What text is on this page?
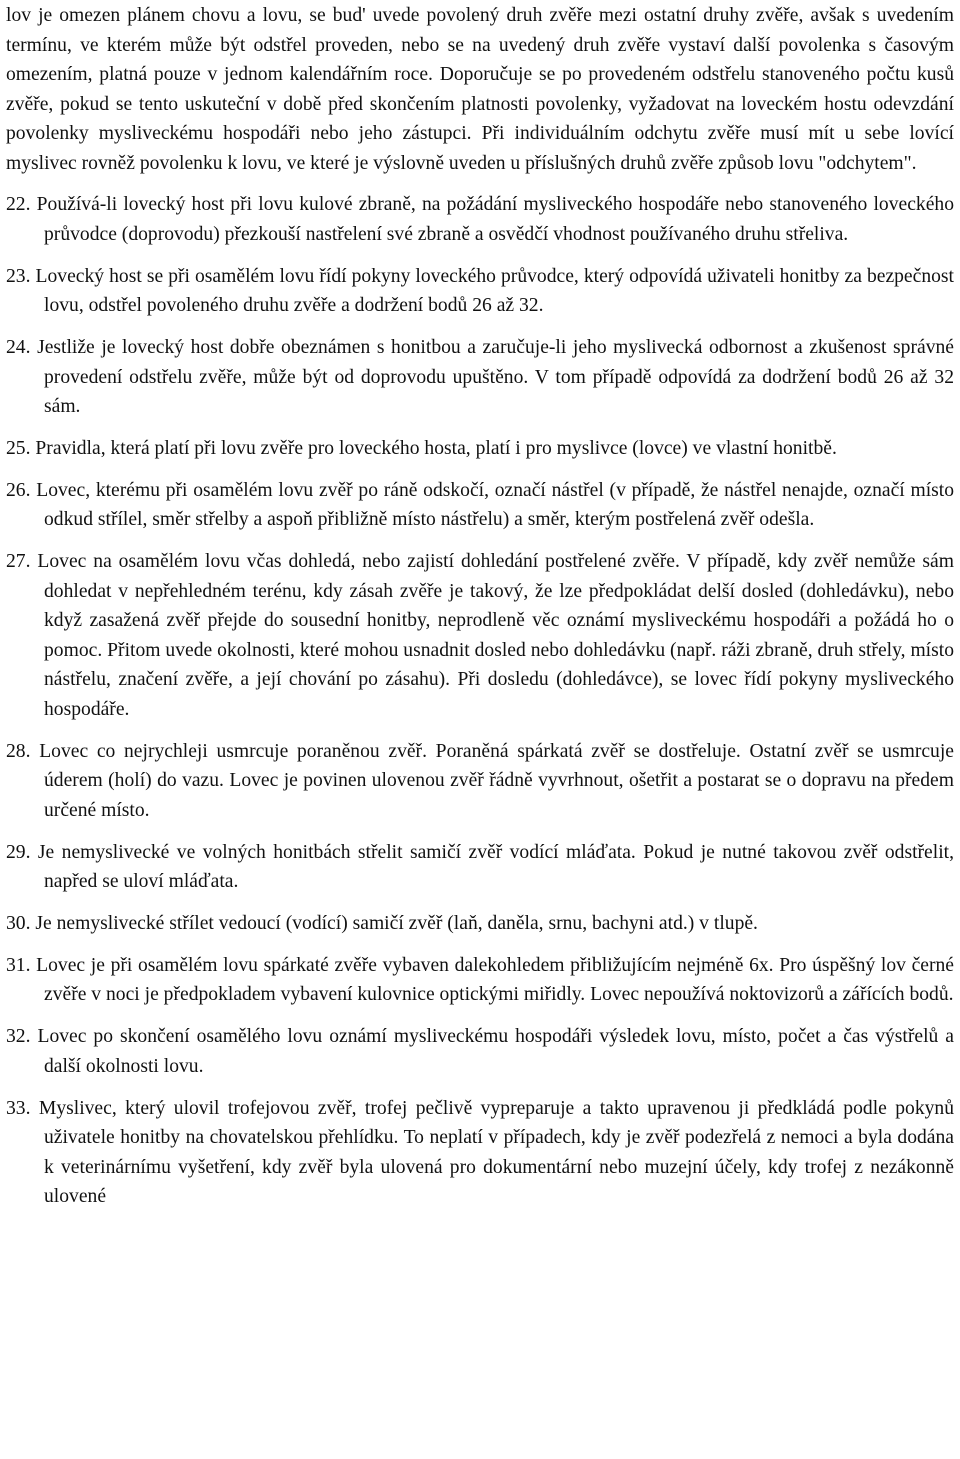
lov je omezen plánem chovu a lovu, se bud' uvede povolený druh zvěře mezi ostatní druhy zvěře, avšak s uvedením termínu, ve kterém může být odstřel proveden, nebo se na uvedený druh zvěře vystaví další povolenka s časovým omezením, platná pouze v jednom kalendářním roce. Doporučuje se po provedeném odstřelu stanoveného počtu kusů zvěře, pokud se tento uskuteční v době před skončením platnosti povolenky, vyžadovat na loveckém hostu odevzdání povolenky mysliveckému hospodáři nebo jeho zástupci. Při individuálním odchytu zvěře musí mít u sebe lovící myslivec rovněž povolenku k lovu, ve které je výslovně uveden u příslušných druhů zvěře způsob lovu "odchytem".

22. Používá-li lovecký host při lovu kulové zbraně, na požádání mysliveckého hospodáře nebo stanoveného loveckého průvodce (doprovodu) přezkouší nastřelení své zbraně a osvědčí vhodnost používaného druhu střeliva.

23. Lovecký host se při osamělém lovu řídí pokyny loveckého průvodce, který odpovídá uživateli honitby za bezpečnost lovu, odstřel povoleného druhu zvěře a dodržení bodů 26 až 32.

24. Jestliže je lovecký host dobře obeznámen s honitbou a zaručuje-li jeho myslivecká odbornost a zkušenost správné provedení odstřelu zvěře, může být od doprovodu upuštěno. V tom případě odpovídá za dodržení bodů 26 až 32 sám.

25. Pravidla, která platí při lovu zvěře pro loveckého hosta, platí i pro myslivce (lovce) ve vlastní honitbě.

26. Lovec, kterému při osamělém lovu zvěř po ráně odskočí, označí nástřel (v případě, že nástřel nenajde, označí místo odkud střílel, směr střelby a aspoň přibližně místo nástřelu) a směr, kterým postřelená zvěř odešla.

27. Lovec na osamělém lovu včas dohledá, nebo zajistí dohledání postřelené zvěře. V případě, kdy zvěř nemůže sám dohledat v nepřehledném terénu, kdy zásah zvěře je takový, že lze předpokládat delší dosled (dohledávku), nebo když zasažená zvěř přejde do sousední honitby, neprodleně věc oznámí mysliveckému hospodáři a požádá ho o pomoc. Přitom uvede okolnosti, které mohou usnadnit dosled nebo dohledávku (např. ráži zbraně, druh střely, místo nástřelu, značení zvěře, a její chování po zásahu). Při dosledu (dohledávce), se lovec řídí pokyny mysliveckého hospodáře.

28. Lovec co nejrychleji usmrcuje poraněnou zvěř. Poraněná spárkatá zvěř se dostřeluje. Ostatní zvěř se usmrcuje úderem (holí) do vazu. Lovec je povinen ulovenou zvěř řádně vyvrhnout, ošetřit a postarat se o dopravu na předem určené místo.

29. Je nemyslivecké ve volných honitbách střelit samičí zvěř vodící mláďata. Pokud je nutné takovou zvěř odstřelit, napřed se uloví mláďata.

30. Je nemyslivecké střílet vedoucí (vodící) samičí zvěř (laň, daněla, srnu, bachyni atd.) v tlupě.

31. Lovec je při osamělém lovu spárkaté zvěře vybaven dalekohledem přibližujícím nejméně 6x. Pro úspěšný lov černé zvěře v noci je předpokladem vybavení kulovnice optickými miřidly. Lovec nepoužívá noktovizorů a zářících bodů.

32. Lovec po skončení osamělého lovu oznámí mysliveckému hospodáři výsledek lovu, místo, počet a čas výstřelů a další okolnosti lovu.

33. Myslivec, který ulovil trofejovou zvěř, trofej pečlivě vypreparuje a takto upravenou ji předkládá podle pokynů uživatele honitby na chovatelskou přehlídku. To neplatí v případech, kdy je zvěř podezřelá z nemoci a byla dodána k veterinárnímu vyšetření, kdy zvěř byla ulovená pro dokumentární nebo muzejní účely, kdy trofej z nezákonně ulovené
